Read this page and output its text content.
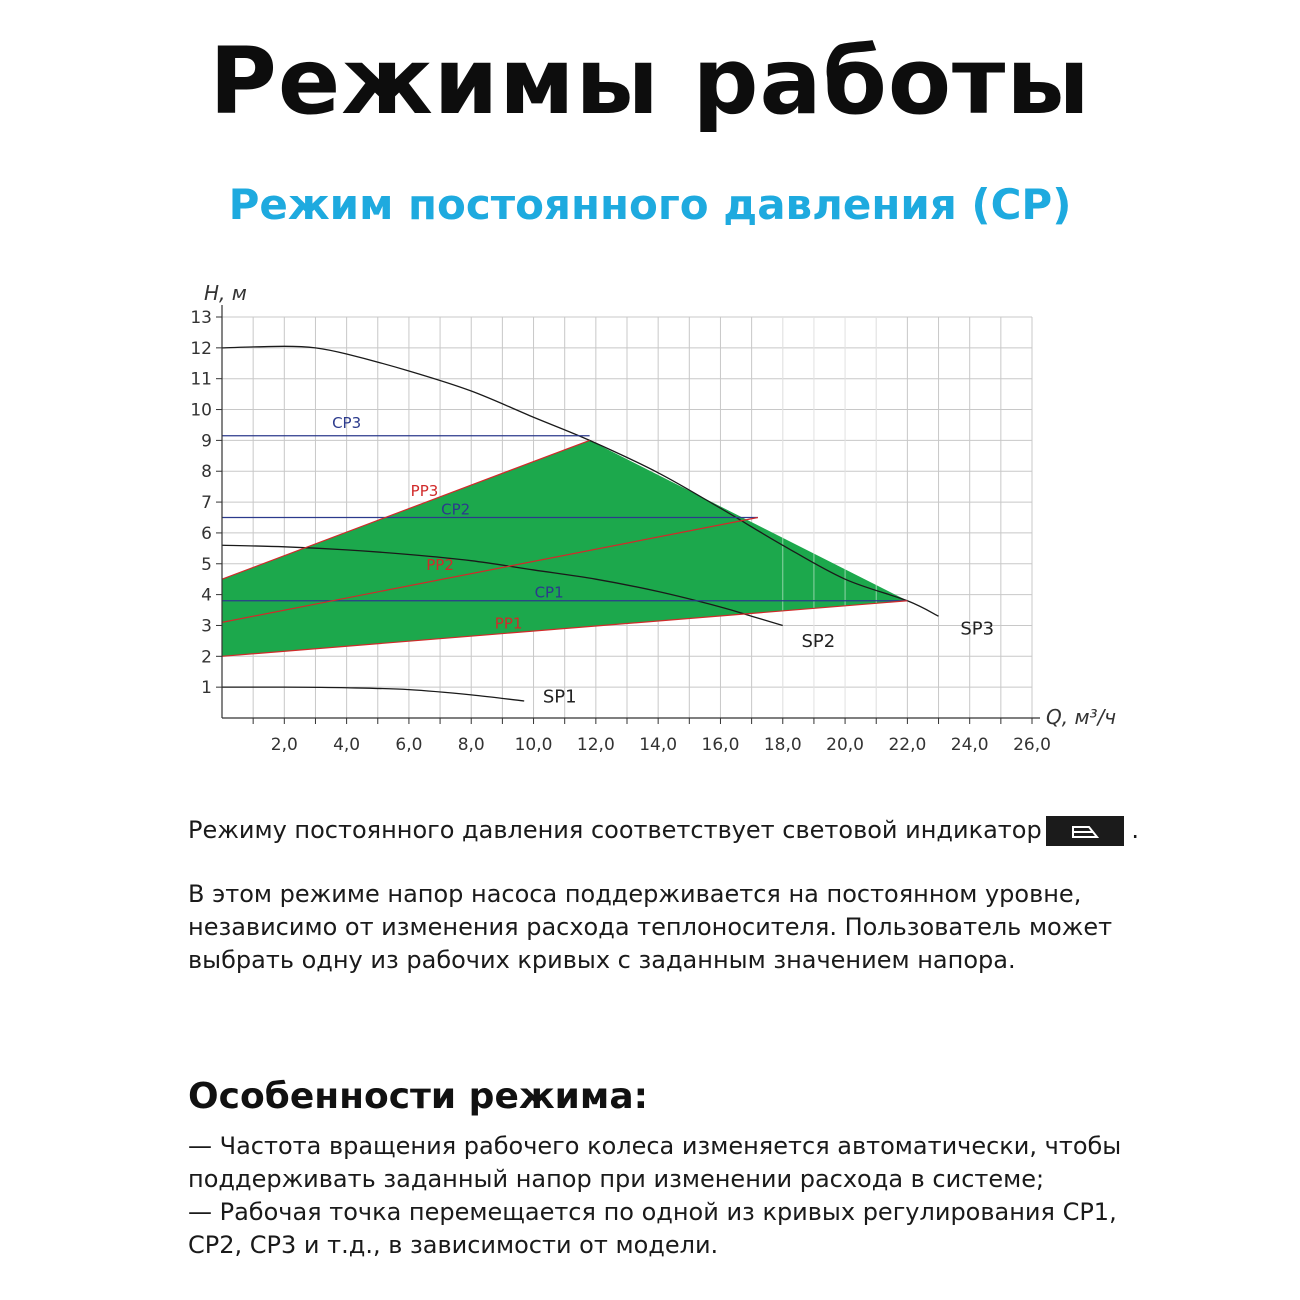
Режимы работы
Режим постоянного давления (CP)
H, м
Q, м³/ч
1
2
3
4
5
6
7
8
9
10
11
12
13
2,0 4,0 6,0 8,0 10,0 12,0 14,0 16,0 18,0 20,0 22,0 24,0 26,0
CP3
PP3
CP2
PP2
CP1
PP1	SP3
SP2
SP1
Режиму постоянного давления соответствует световой индикатор	.
В этом режиме напор насоса поддерживается на постоянном уровне, независимо от изменения расхода теплоносителя. Пользователь может выбрать одну из рабочих кривых с заданным значением напора.
Особенности режима:

— Частота вращения рабочего колеса изменяется автоматически, чтобы поддерживать заданный напор при изменении расхода в системе;

— Рабочая точка перемещается по одной из кривых регулирования CP1, CP2, CP3 и т.д., в зависимости от модели.
